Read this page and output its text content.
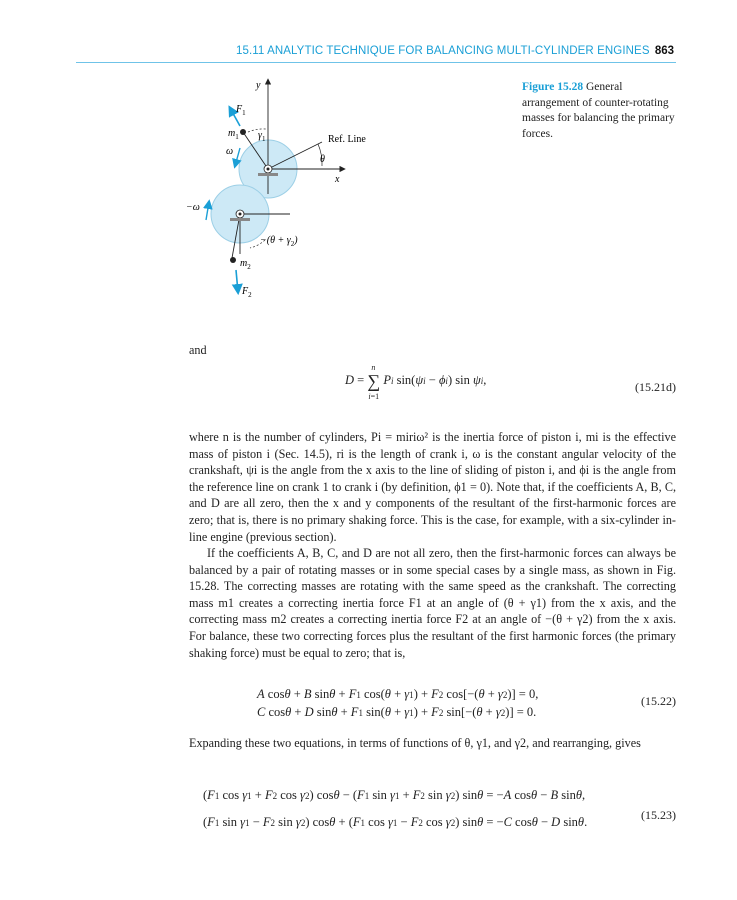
15.11 ANALYTIC TECHNIQUE FOR BALANCING MULTI-CYLINDER ENGINES 863
y
x
$F_1$
$m_1$ $\gamma_1$
ω
Ref. Line
θ
−ω
$-(\theta + \gamma_2)$
$m_2$
$F_2$
Figure 15.28 General arrangement of counter-rotating masses for balancing the primary forces.
and
D = ∑
n
i=1
Pi sin(ψi − ϕi) sin ψi,	(15.21d)
where n is the number of cylinders, Pi = miriω² is the inertia force of piston i, mi is the effective mass of piston i (Sec. 14.5), ri is the length of crank i, ω is the constant angular velocity of the crankshaft, ψi is the angle from the x axis to the line of sliding of piston i, and ϕi is the angle from the reference line on crank 1 to crank i (by definition, ϕ1 = 0). Note that, if the coefficients A, B, C, and D are all zero, then the x and y components of the resultant of the first-harmonic forces are zero; that is, there is no primary shaking force. This is the case, for example, with a six-cylinder in-line engine (previous section).
If the coefficients A, B, C, and D are not all zero, then the first-harmonic forces can always be balanced by a pair of rotating masses or in some special cases by a single mass, as shown in Fig. 15.28. The correcting masses are rotating with the same speed as the crankshaft. The correcting mass m1 creates a correcting inertia force F1 at an angle of (θ + γ1) from the x axis, and the correcting mass m2 creates a correcting inertia force F2 at an angle of −(θ + γ2) from the x axis. For balance, these two correcting forces plus the resultant of the first harmonic forces (the primary shaking force) must be equal to zero; that is,
A cosθ + B sinθ + F1 cos(θ + γ1) + F2 cos[−(θ + γ2)] = 0,
C cosθ + D sinθ + F1 sin(θ + γ1) + F2 sin[−(θ + γ2)] = 0.
(15.22)
Expanding these two equations, in terms of functions of θ, γ1, and γ2, and rearranging, gives
(F1 cos γ1 + F2 cos γ2) cosθ − (F1 sin γ1 + F2 sin γ2) sinθ = −A cosθ − B sinθ,
(F1 sin γ1 − F2 sin γ2) cosθ + (F1 cos γ1 − F2 cos γ2) sinθ = −C cosθ − D sinθ.	(15.23)
